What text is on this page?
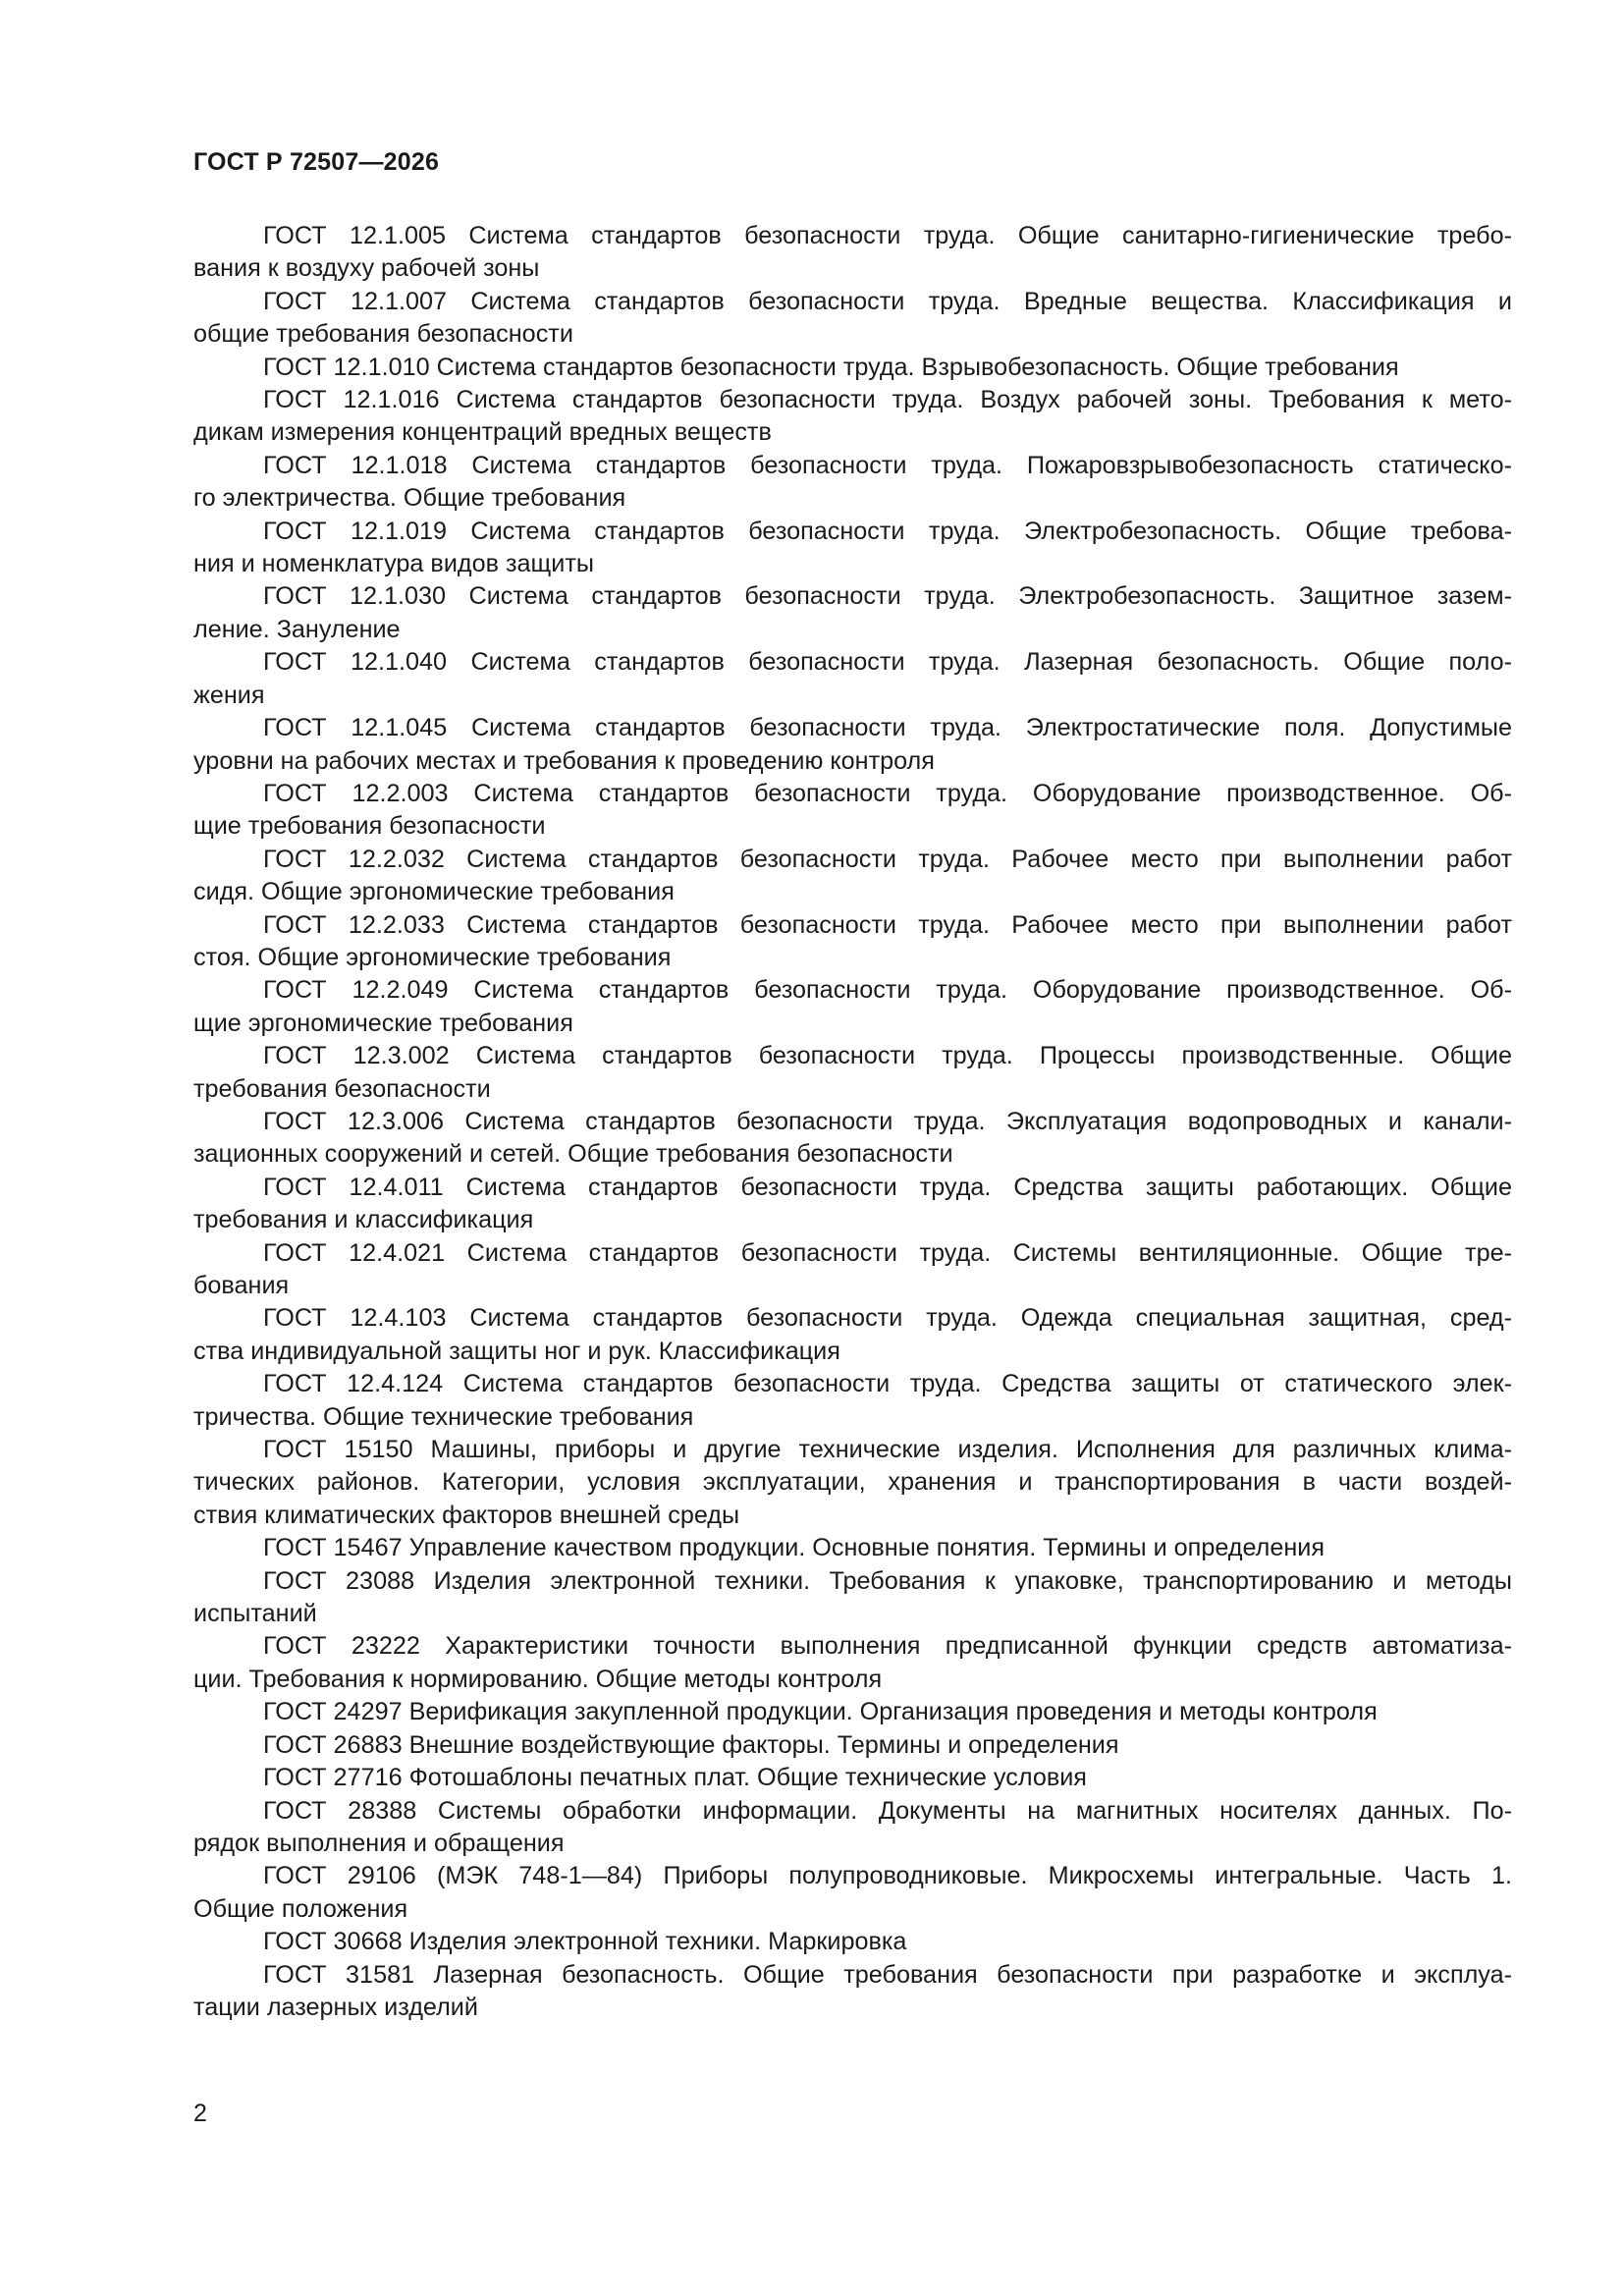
ГОСТ Р 72507—2026
ГОСТ 12.1.005 Система стандартов безопасности труда. Общие санитарно-гигиенические требо-
вания к воздуху рабочей зоны
ГОСТ 12.1.007 Система стандартов безопасности труда. Вредные вещества. Классификация и
общие требования безопасности
ГОСТ 12.1.010 Система стандартов безопасности труда. Взрывобезопасность. Общие требования
ГОСТ 12.1.016 Система стандартов безопасности труда. Воздух рабочей зоны. Требования к мето-
дикам измерения концентраций вредных веществ
ГОСТ 12.1.018 Система стандартов безопасности труда. Пожаровзрывобезопасность статическо-
го электричества. Общие требования
ГОСТ 12.1.019 Система стандартов безопасности труда. Электробезопасность. Общие требова-
ния и номенклатура видов защиты
ГОСТ 12.1.030 Система стандартов безопасности труда. Электробезопасность. Защитное зазем-
ление. Зануление
ГОСТ 12.1.040 Система стандартов безопасности труда. Лазерная безопасность. Общие поло-
жения
ГОСТ 12.1.045 Система стандартов безопасности труда. Электростатические поля. Допустимые
уровни на рабочих местах и требования к проведению контроля
ГОСТ 12.2.003 Система стандартов безопасности труда. Оборудование производственное. Об-
щие требования безопасности
ГОСТ 12.2.032 Система стандартов безопасности труда. Рабочее место при выполнении работ
сидя. Общие эргономические требования
ГОСТ 12.2.033 Система стандартов безопасности труда. Рабочее место при выполнении работ
стоя. Общие эргономические требования
ГОСТ 12.2.049 Система стандартов безопасности труда. Оборудование производственное. Об-
щие эргономические требования
ГОСТ 12.3.002 Система стандартов безопасности труда. Процессы производственные. Общие
требования безопасности
ГОСТ 12.3.006 Система стандартов безопасности труда. Эксплуатация водопроводных и канали-
зационных сооружений и сетей. Общие требования безопасности
ГОСТ 12.4.011 Система стандартов безопасности труда. Средства защиты работающих. Общие
требования и классификация
ГОСТ 12.4.021 Система стандартов безопасности труда. Системы вентиляционные. Общие тре-
бования
ГОСТ 12.4.103 Система стандартов безопасности труда. Одежда специальная защитная, сред-
ства индивидуальной защиты ног и рук. Классификация
ГОСТ 12.4.124 Система стандартов безопасности труда. Средства защиты от статического элек-
тричества. Общие технические требования
ГОСТ 15150 Машины, приборы и другие технические изделия. Исполнения для различных клима-
тических районов. Категории, условия эксплуатации, хранения и транспортирования в части воздей-
ствия климатических факторов внешней среды
ГОСТ 15467 Управление качеством продукции. Основные понятия. Термины и определения
ГОСТ 23088 Изделия электронной техники. Требования к упаковке, транспортированию и методы
испытаний
ГОСТ 23222 Характеристики точности выполнения предписанной функции средств автоматиза-
ции. Требования к нормированию. Общие методы контроля
ГОСТ 24297 Верификация закупленной продукции. Организация проведения и методы контроля
ГОСТ 26883 Внешние воздействующие факторы. Термины и определения
ГОСТ 27716 Фотошаблоны печатных плат. Общие технические условия
ГОСТ 28388 Системы обработки информации. Документы на магнитных носителях данных. По-
рядок выполнения и обращения
ГОСТ 29106 (МЭК 748-1—84) Приборы полупроводниковые. Микросхемы интегральные. Часть 1.
Общие положения
ГОСТ 30668 Изделия электронной техники. Маркировка
ГОСТ 31581 Лазерная безопасность. Общие требования безопасности при разработке и эксплуа-
тации лазерных изделий

2
